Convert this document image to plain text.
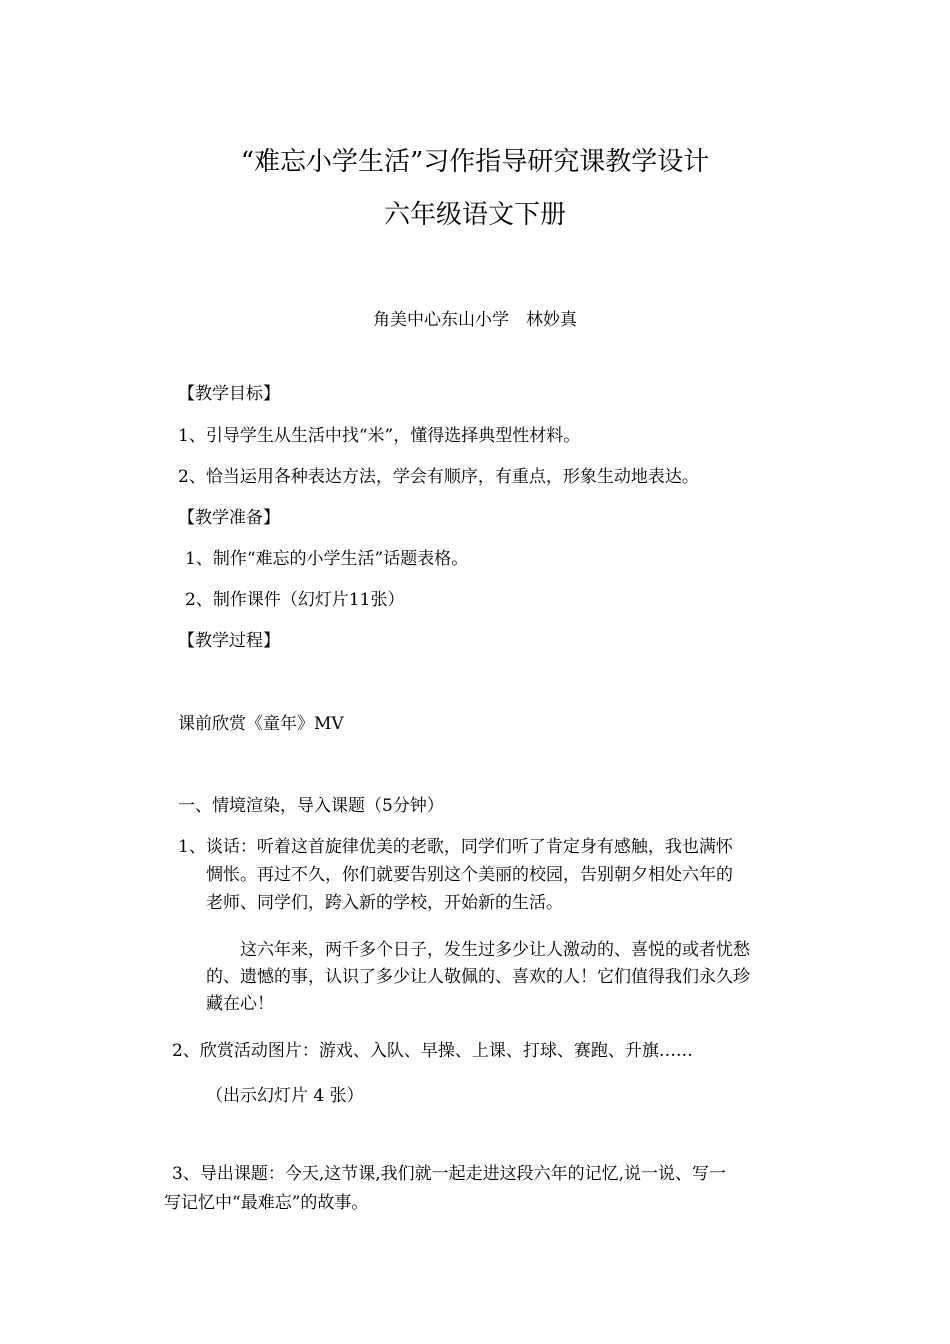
“难忘小学生活”习作指导研究课教学设计
六年级语文下册
角美中心东山小学　林妙真
【教学目标】
1、引导学生从生活中找“米”，懂得选择典型性材料。
2、恰当运用各种表达方法，学会有顺序，有重点，形象生动地表达。
【教学准备】
1、制作“难忘的小学生活”话题表格。
2、制作课件（幻灯片11张）
【教学过程】
课前欣赏《童年》MV
一、情境渲染，导入课题（5分钟）
1、谈话：听着这首旋律优美的老歌，同学们听了肯定身有感触，我也满怀
惆怅。再过不久，你们就要告别这个美丽的校园，告别朝夕相处六年的
老师、同学们，跨入新的学校，开始新的生活。
这六年来，两千多个日子，发生过多少让人激动的、喜悦的或者忧愁
的、遗憾的事，认识了多少让人敬佩的、喜欢的人！它们值得我们永久珍
藏在心！
2、欣赏活动图片：游戏、入队、早操、上课、打球、赛跑、升旗……
（出示幻灯片 4 张）
3、导出课题：今天,这节课,我们就一起走进这段六年的记忆,说一说、写一
写记忆中“最难忘”的故事。
